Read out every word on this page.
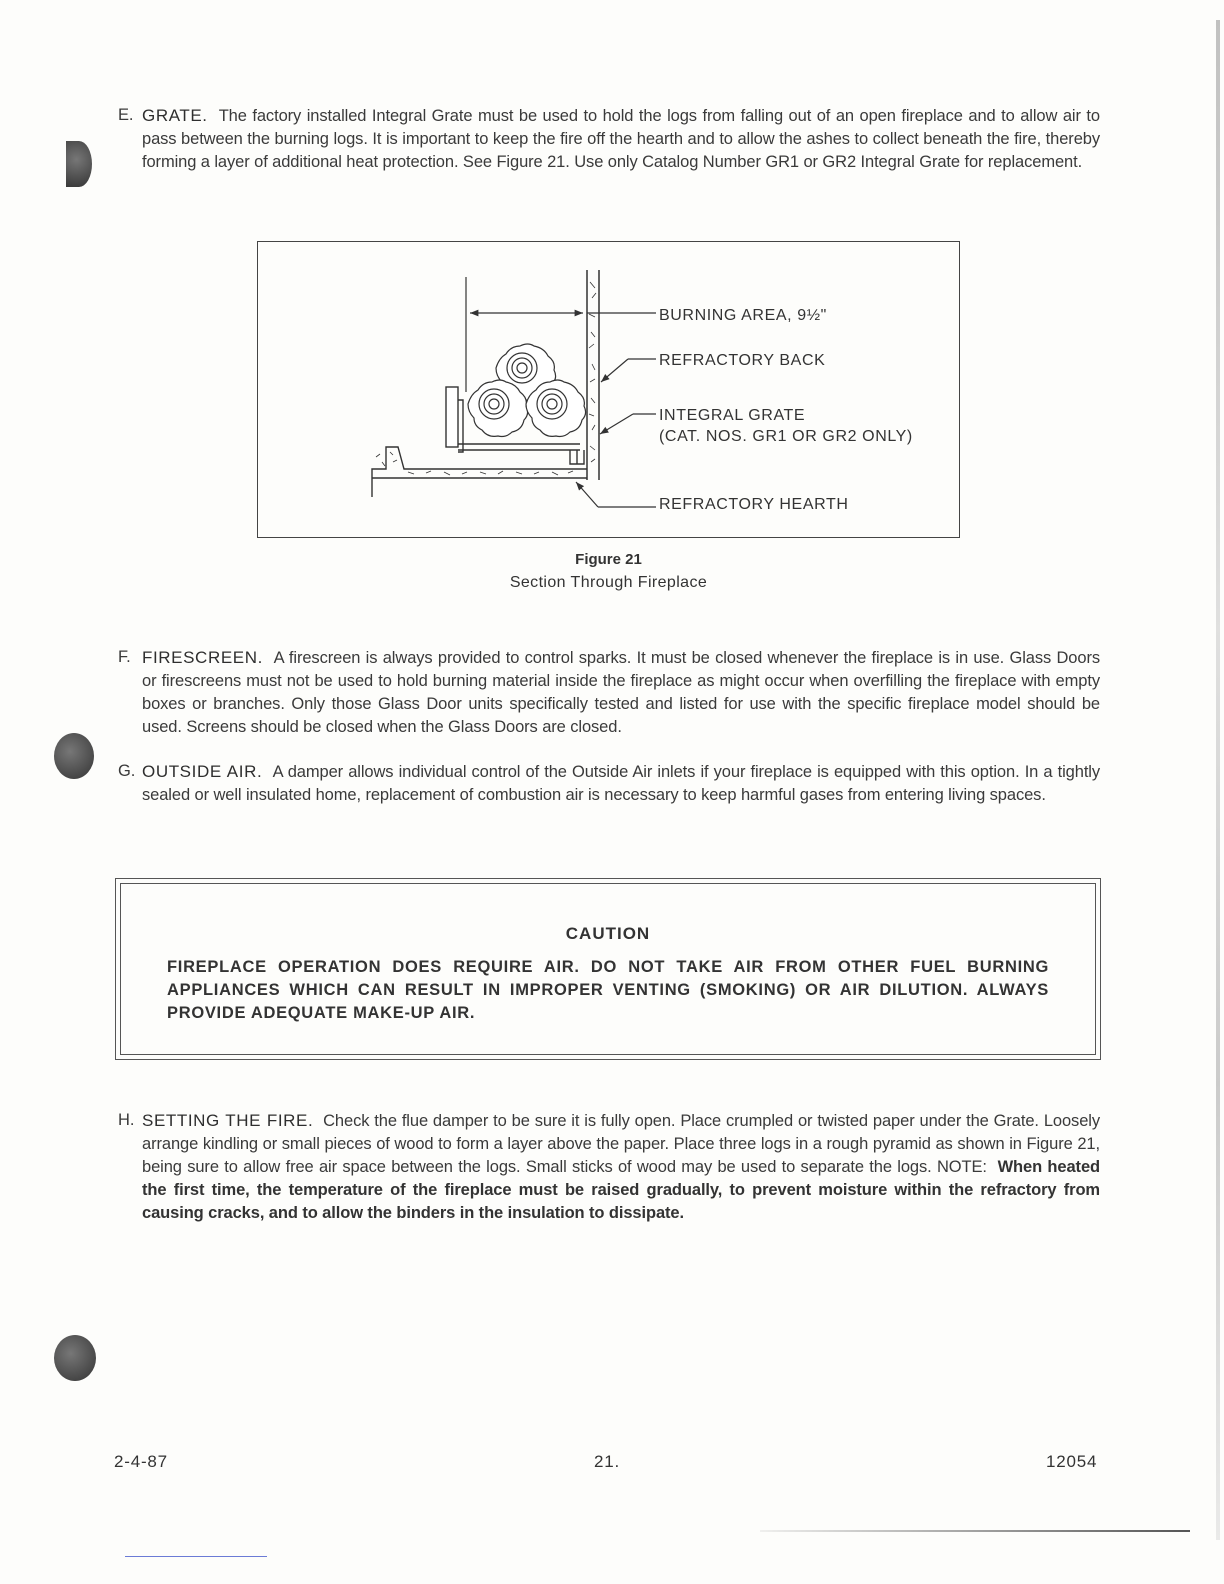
E. GRATE. The factory installed Integral Grate must be used to hold the logs from falling out of an open fireplace and to allow air to pass between the burning logs. It is important to keep the fire off the hearth and to allow the ashes to collect beneath the fire, thereby forming a layer of additional heat protection. See Figure 21. Use only Catalog Number GR1 or GR2 Integral Grate for replacement.

BURNING AREA, 9½"
REFRACTORY BACK
INTEGRAL GRATE
(CAT. NOS. GR1 OR GR2 ONLY)
REFRACTORY HEARTH
Figure 21
Section Through Fireplace
F. FIRESCREEN. A firescreen is always provided to control sparks. It must be closed whenever the fireplace is in use. Glass Doors or firescreens must not be used to hold burning material inside the fireplace as might occur when overfilling the fireplace with empty boxes or branches. Only those Glass Door units specifically tested and listed for use with the specific fireplace model should be used. Screens should be closed when the Glass Doors are closed.

G. OUTSIDE AIR. A damper allows individual control of the Outside Air inlets if your fireplace is equipped with this option. In a tightly sealed or well insulated home, replacement of combustion air is necessary to keep harmful gases from entering living spaces.

CAUTION
FIREPLACE OPERATION DOES REQUIRE AIR. DO NOT TAKE AIR FROM OTHER FUEL BURNING APPLIANCES WHICH CAN RESULT IN IMPROPER VENTING (SMOKING) OR AIR DILUTION. ALWAYS PROVIDE ADEQUATE MAKE-UP AIR.
H. SETTING THE FIRE. Check the flue damper to be sure it is fully open. Place crumpled or twisted paper under the Grate. Loosely arrange kindling or small pieces of wood to form a layer above the paper. Place three logs in a rough pyramid as shown in Figure 21, being sure to allow free air space between the logs. Small sticks of wood may be used to separate the logs. NOTE: When heated the first time, the temperature of the fireplace must be raised gradually, to prevent moisture within the refractory from causing cracks, and to allow the binders in the insulation to dissipate.

2-4-87	21.	12054
